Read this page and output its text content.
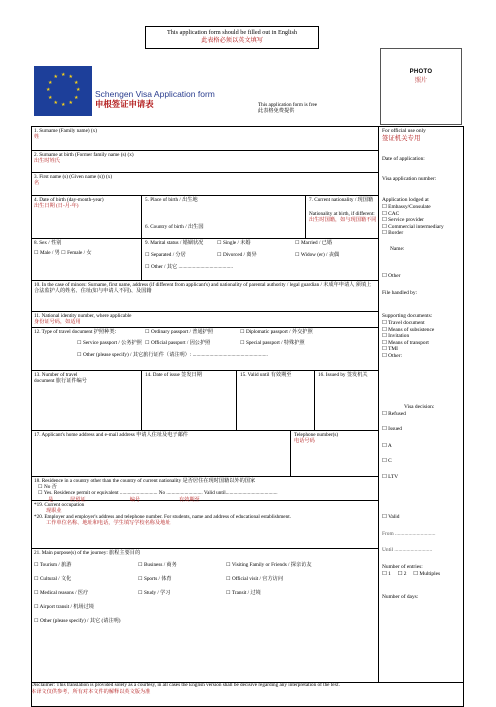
This application form should be filled out in English
此表格必须以英文填写
PHOTO
照片
★ ★
★
★
★
★
★
★
★
★
★
★
Schengen Visa Application form
申根签证申请表	This application form is free
此表格免费提供
1. Surname (Family name) (x)
姓
2. Surname at birth (Former family name (s) (x)
出生时姓氏
3. First name (s) (Given name (s)) (x)
名
4. Date of birth (day-month-year)
出生日期 (日-月-年)
5. Place of birth / 出生地
6. Country of birth / 出生国
7. Current nationality / 现国籍
Nationality at birth, if different:
出生时国籍，如与现国籍不同
8. Sex / 性别
☐ Male / 男 ☐ Female / 女
9. Marital status / 婚姻状况	☐ Single / 未婚	☐ Married / 已婚
☐ Separated / 分居	☐ Divorced / 离异	☐ Widow (er) / 丧偶
☐ Other / 其它 ..........................................
10. In the case of minors: Surname, first name, address (if different from applicant's) and nationality of parental authority / legal guardian / 未成年申请人 须填上合法监护人的姓名、住址(如与申请人不同)、及国籍
11. National identity number, where applicable
身份证号码，如适用
12. Type of travel document 护照种类：	☐ Ordinary passport / 普通护照	☐ Diplomatic passport / 外交护照
☐ Service passport / 公务护照 ☐ Official passport / 因公护照	☐ Special passport / 特殊护照
☐ Other (please specify) / 其它旅行证件（请注明）: ..........................................................
13. Number of travel
document 旅行证件编号
14. Date of issue 签发日期	15. Valid until 有效期至	16. Issued by 签发机关
17. Applicant's home address and e-mail address 申请人住址及电子邮件	Telephone number(s)
电话号码
18. Residence in a country other than the country of current nationality 是否居住在现时国籍以外的国家
☐ No 否
☐ Yes. Residence permit or equivalent ............................. No ............................ Valid until........................................
是             居留证                                  编号                              有效期至
*19. Current occupation
现职业
*20. Employer and employer's address and telephone number. For students, name and address of educational establishment.
工作单位名称、地址和电话，学生填写学校名称及地址
21. Main purpose(s) of the journey: 旅程主要目的
☐ Tourism / 旅游	☐ Business / 商务	☐ Visiting Family or Friends / 探亲访友
☐ Cultural / 文化	☐ Sports / 体育	☐ Official visit / 官方访问
☐ Medical reasons / 医疗	☐ Study / 学习	☐ Transit / 过境
☐ Airport transit / 机场过境
☐ Other (please specify) / 其它 (请注明)
For official use only
签证机关专用
Date of application:
Visa application number:
Application lodged at
☐ Embassy/Consulate
☐ CAC
☐ Service provider
☐ Commercial intermediary
☐ Border
Name:
☐ Other
File handled by:
Supporting documents:
☐ Travel document
☐ Means of subsistence
☐ Invitation
☐ Means of transport
☐ TMI
☐ Other:
Visa decision:
☐ Refused
☐ Issued
☐ A
☐ C
☐ LTV
☐ Valid
From ..............................
Until ............................
Number of entries:
☐ 1     ☐ 2     ☐ Multiples
Number of days:
Disclaimer: This translation is provided solely as a courtesy, in all cases the English version shall be decisive regarding any interpretation of the text.
本译文仅供参考，所有对本文件的解释以英文版为准
